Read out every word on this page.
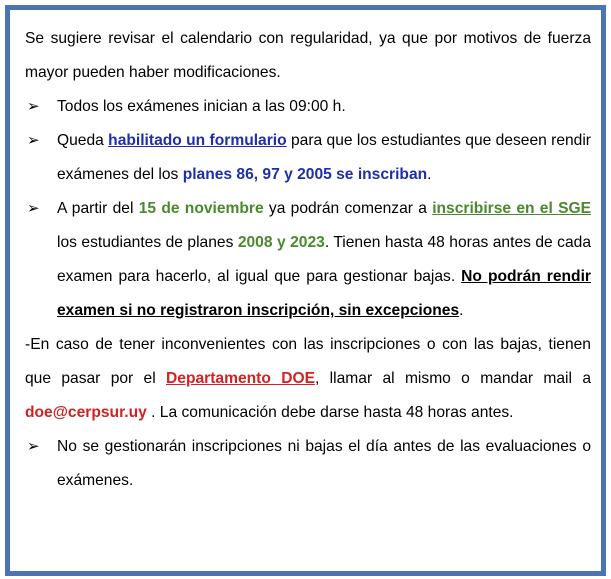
Se sugiere revisar el calendario con regularidad, ya que por motivos de fuerza mayor pueden haber modificaciones.

➢	Todos los exámenes inician a las 09:00 h.
➢	Queda habilitado un formulario para que los estudiantes que deseen rendir exámenes del los planes 86, 97 y 2005 se inscriban.
➢	A partir del 15 de noviembre ya podrán comenzar a inscribirse en el SGE los estudiantes de planes 2008 y 2023. Tienen hasta 48 horas antes de cada examen para hacerlo, al igual que para gestionar bajas. No podrán rendir examen si no registraron inscripción, sin excepciones.

-En caso de tener inconvenientes con las inscripciones o con las bajas, tienen que pasar por el Departamento DOE, llamar al mismo o mandar mail a doe@cerpsur.uy . La comunicación debe darse hasta 48 horas antes.

➢	No se gestionarán inscripciones ni bajas el día antes de las evaluaciones o exámenes.
